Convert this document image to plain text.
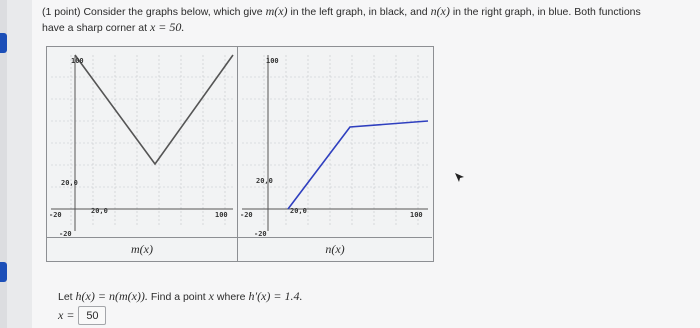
(1 point) Consider the graphs below, which give m(x) in the left graph, in black, and n(x) in the right graph, in blue. Both functions
have a sharp corner at x = 50.
100
20,0
-20	20,0	100
-20
100
20,0
-20	20,0	100
-20
m(x)	n(x)
Let h(x) = n(m(x)). Find a point x where h′(x) = 1.4.
x = 50
